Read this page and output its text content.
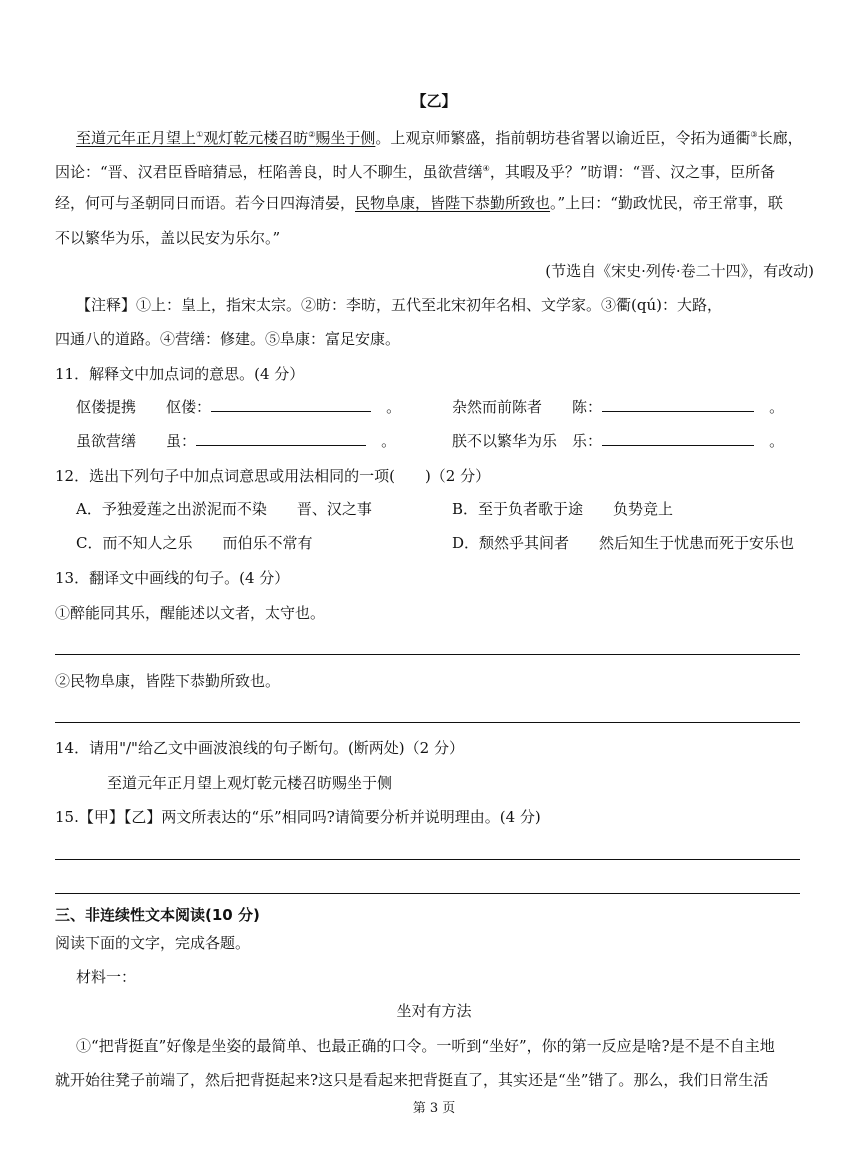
【乙】
至道元年正月望上①观灯乾元楼召昉②赐坐于侧。上观京师繁盛，指前朝坊巷省署以谕近臣，令拓为通衢③长廊，
因论：“晋、汉君臣昏暗猜忌，枉陷善良，时人不聊生，虽欲营缮④，其暇及乎？”昉谓：“晋、汉之事，臣所备
经，何可与圣朝同日而语。若今日四海清晏，民物阜康，皆陛下恭勤所致也。”上曰：“勤政忧民，帝王常事，联
不以繁华为乐，盖以民安为乐尔。”
(节选自《宋史·列传·卷二十四》，有改动)
【注释】①上：皇上，指宋太宗。②昉：李昉，五代至北宋初年名相、文学家。③衢(qú)：大路，
四通八的道路。④营缮：修建。⑤阜康：富足安康。
11．解释文中加点词的意思。(4 分）
伛偻提携　　 伛偻：　	。	杂然而前陈者　　 陈：　	。
虽欲营缮　　 虽：　	。	朕不以繁华为乐　 乐：　	。
12．选出下列句子中加点词意思或用法相同的一项(　　)（2 分）
A．予独爱莲之出淤泥而不染　　晋、汉之事	B．至于负者歌于途　　负势竞上
C．而不知人之乐　　而伯乐不常有	D．颓然乎其间者　　然后知生于忧患而死于安乐也
13．翻译文中画线的句子。(4 分）
①醉能同其乐，醒能述以文者，太守也。
②民物阜康，皆陛下恭勤所致也。
14．请用"/"给乙文中画波浪线的句子断句。(断两处)（2 分）
至道元年正月望上观灯乾元楼召昉赐坐于侧
15.【甲】【乙】两文所表达的“乐”相同吗?请简要分析并说明理由。(4 分)
三、非连续性文本阅读(10 分)
阅读下面的文字，完成各题。
材料一：
坐对有方法
①“把背挺直”好像是坐姿的最简单、也最正确的口令。一听到“坐好”，你的第一反应是啥?是不是不自主地
就开始往凳子前端了，然后把背挺起来?这只是看起来把背挺直了，其实还是“坐”错了。那么，我们日常生活
第 3 页
